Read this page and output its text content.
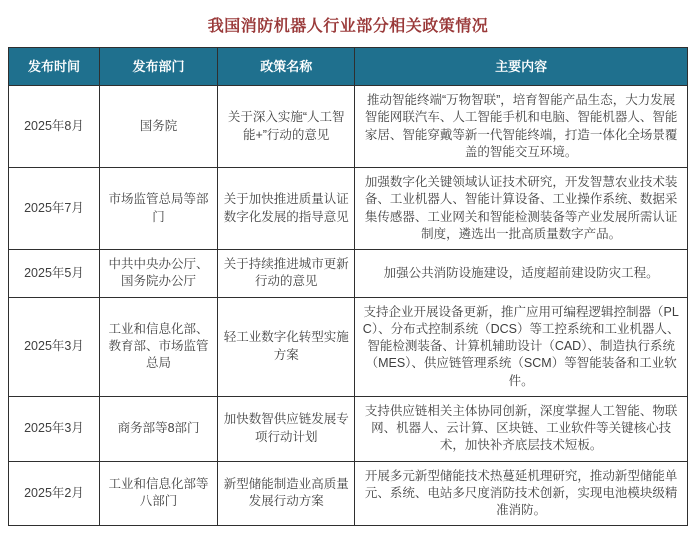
我国消防机器人行业部分相关政策情况
发布时间	发布部门	政策名称	主要内容
2025年8月	国务院	关于深入实施“人工智能+”行动的意见	推动智能终端“万物智联”，培育智能产品生态，大力发展智能网联汽车、人工智能手机和电脑、智能机器人、智能家居、智能穿戴等新一代智能终端，打造一体化全场景覆盖的智能交互环境。
2025年7月	市场监管总局等部门	关于加快推进质量认证数字化发展的指导意见	加强数字化关键领域认证技术研究，开发智慧农业技术装备、工业机器人、智能计算设备、工业操作系统、数据采集传感器、工业网关和智能检测装备等产业发展所需认证制度，遴选出一批高质量数字产品。
2025年5月	中共中央办公厅、国务院办公厅	关于持续推进城市更新行动的意见	加强公共消防设施建设，适度超前建设防灾工程。
2025年3月	工业和信息化部、教育部、市场监管总局	轻工业数字化转型实施方案	支持企业开展设备更新，推广应用可编程逻辑控制器（PLC）、分布式控制系统（DCS）等工控系统和工业机器人、智能检测装备、计算机辅助设计（CAD）、制造执行系统（MES）、供应链管理系统（SCM）等智能装备和工业软件。
2025年3月	商务部等8部门	加快数智供应链发展专项行动计划	支持供应链相关主体协同创新，深度掌握人工智能、物联网、机器人、云计算、区块链、工业软件等关键核心技术，加快补齐底层技术短板。
2025年2月	工业和信息化部等八部门	新型储能制造业高质量发展行动方案	开展多元新型储能技术热蔓延机理研究，推动新型储能单元、系统、电站多尺度消防技术创新，实现电池模块级精准消防。
